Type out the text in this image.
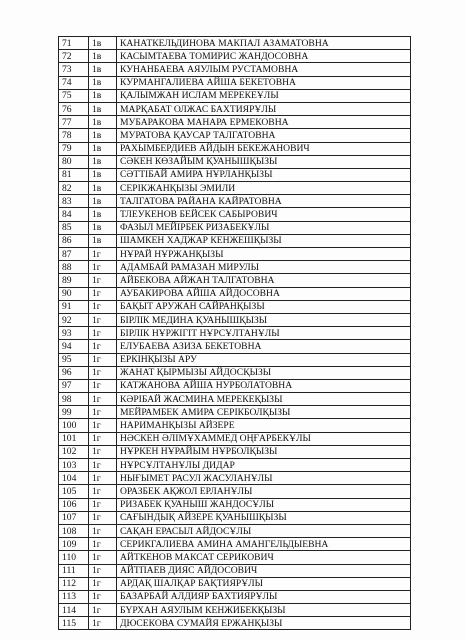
71	1в	КАНАТКЕЛЬДИНОВА МАКПАЛ АЗАМАТОВНА
72	1в	КАСЫМТАЕВА ТОМИРИС ЖАНДОСОВНА
73	1в	КУНАНБАЕВА АЯУЛЫМ РУСТАМОВНА
74	1в	КУРМАНГАЛИЕВА АЙША БЕКЕТОВНА
75	1в	ҚАЛЫМЖАН ИСЛАМ МЕРЕКЕҰЛЫ
76	1в	МАРҚАБАТ ОЛЖАС БАХТИЯРҰЛЫ
77	1в	МУБАРАКОВА МАНАРА ЕРМЕКОВНА
78	1в	МУРАТОВА ҚАУСАР ТАЛГАТОВНА
79	1в	РАХЫМБЕРДИЕВ АЙДЫН БЕКЕЖАНОВИЧ
80	1в	СӘКЕН КӨЗАЙЫМ ҚУАНЫШҚЫЗЫ
81	1в	СӘТТІБАЙ АМИРА НҰРЛАНҚЫЗЫ
82	1в	СЕРІКЖАНҚЫЗЫ ЭМИЛИ
83	1в	ТАЛГАТОВА РАЙАНА КАЙРАТОВНА
84	1в	ТЛЕУКЕНОВ БЕЙСЕК САБЫРОВИЧ
85	1в	ФАЗЫЛ МЕЙІРБЕК РИЗАБЕКҰЛЫ
86	1в	ШАМКЕН ХАДЖАР КЕНЖЕШҚЫЗЫ
87	1г	НҰРАЙ НҰРЖАНҚЫЗЫ
88	1г	АДАМБАЙ РАМАЗАН МИРУЛЫ
89	1г	АЙБЕКОВА АЙЖАН ТАЛГАТОВНА
90	1г	АУБАКИРОВА АЙША АЙДОСОВНА
91	1г	БАҚЫТ АРУЖАН САЙРАНҚЫЗЫ
92	1г	БІРЛІК МЕДИНА ҚУАНЫШҚЫЗЫ
93	1г	БІРЛІК НҰРЖІГІТ НҰРСҰЛТАНҰЛЫ
94	1г	ЕЛУБАЕВА АЗИЗА БЕКЕТОВНА
95	1г	ЕРКІНҚЫЗЫ АРУ
96	1г	ЖАНАТ ҚЫРМЫЗЫ АЙДОСҚЫЗЫ
97	1г	КАТЖАНОВА АЙША НУРБОЛАТОВНА
98	1г	КӘРІБАЙ ЖАСМИНА МЕРЕКЕҚЫЗЫ
99	1г	МЕЙРАМБЕК АМИРА СЕРІКБОЛҚЫЗЫ
100	1г	НАРИМАНҚЫЗЫ АЙЗЕРЕ
101	1г	НӘСКЕН ӘЛІМҰХАММЕД ОҢҒАРБЕКҰЛЫ
102	1г	НҰРКЕН НҰРАЙЫМ НҰРБОЛҚЫЗЫ
103	1г	НҰРСҰЛТАНҰЛЫ ДИДАР
104	1г	НЫҒЫМЕТ РАСУЛ ЖАСУЛАНҰЛЫ
105	1г	ОРАЗБЕК АҚЖОЛ ЕРЛАНҰЛЫ
106	1г	РИЗАБЕК ҚУАНЫШ ЖАНДОСҰЛЫ
107	1г	САҒЫНДЫҚ АЙЗЕРЕ ҚУАНЫШҚЫЗЫ
108	1г	САҚАН ЕРАСЫЛ АЙДОСҰЛЫ
109	1г	СЕРИКГАЛИЕВА АМИНА АМАНГЕЛЬДЫЕВНА
110	1г	АЙТКЕНОВ МАКСАТ СЕРИКОВИЧ
111	1г	АЙТПАЕВ ДИЯС АЙДОСОВИЧ
112	1г	АРДАҚ ШАЛҚАР БАҚТИЯРҰЛЫ
113	1г	БАЗАРБАЙ АЛДИЯР БАХТИЯРҰЛЫ
114	1г	БҮРХАН АЯУЛЫМ КЕНЖИБЕКҚЫЗЫ
115	1г	ДЮСЕКОВА СУМАЙЯ ЕРЖАНҚЫЗЫ
